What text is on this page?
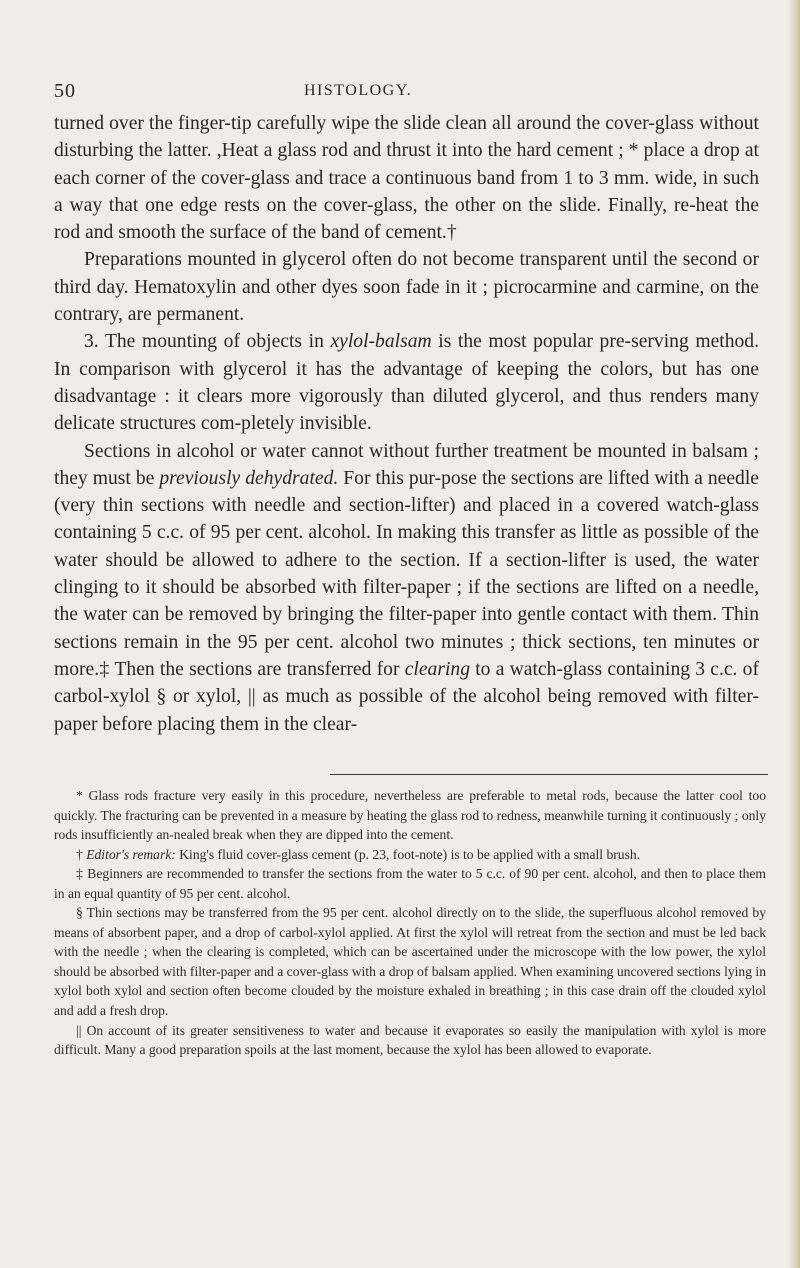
50	HISTOLOGY.

turned over the finger-tip carefully wipe the slide clean all around the cover-glass without disturbing the latter. ,Heat a glass rod and thrust it into the hard cement ; * place a drop at each corner of the cover-glass and trace a continuous band from 1 to 3 mm. wide, in such a way that one edge rests on the cover-glass, the other on the slide. Finally, re-heat the rod and smooth the surface of the band of cement.†

Preparations mounted in glycerol often do not become transparent until the second or third day. Hematoxylin and other dyes soon fade in it ; picrocarmine and carmine, on the contrary, are permanent.

3. The mounting of objects in xylol-balsam is the most popular pre-serving method. In comparison with glycerol it has the advantage of keeping the colors, but has one disadvantage : it clears more vigorously than diluted glycerol, and thus renders many delicate structures com-pletely invisible.

Sections in alcohol or water cannot without further treatment be mounted in balsam ; they must be previously dehydrated. For this pur-pose the sections are lifted with a needle (very thin sections with needle and section-lifter) and placed in a covered watch-glass containing 5 c.c. of 95 per cent. alcohol. In making this transfer as little as possible of the water should be allowed to adhere to the section. If a section-lifter is used, the water clinging to it should be absorbed with filter-paper ; if the sections are lifted on a needle, the water can be removed by bringing the filter-paper into gentle contact with them. Thin sections remain in the 95 per cent. alcohol two minutes ; thick sections, ten minutes or more.‡ Then the sections are transferred for clearing to a watch-glass containing 3 c.c. of carbol-xylol § or xylol, || as much as possible of the alcohol being removed with filter-paper before placing them in the clear-

* Glass rods fracture very easily in this procedure, nevertheless are preferable to metal rods, because the latter cool too quickly. The fracturing can be prevented in a measure by heating the glass rod to redness, meanwhile turning it continuously ; only rods insufficiently an-nealed break when they are dipped into the cement.

† Editor's remark: King's fluid cover-glass cement (p. 23, foot-note) is to be applied with a small brush.

‡ Beginners are recommended to transfer the sections from the water to 5 c.c. of 90 per cent. alcohol, and then to place them in an equal quantity of 95 per cent. alcohol.

§ Thin sections may be transferred from the 95 per cent. alcohol directly on to the slide, the superfluous alcohol removed by means of absorbent paper, and a drop of carbol-xylol applied. At first the xylol will retreat from the section and must be led back with the needle ; when the clearing is completed, which can be ascertained under the microscope with the low power, the xylol should be absorbed with filter-paper and a cover-glass with a drop of balsam applied. When examining uncovered sections lying in xylol both xylol and section often become clouded by the moisture exhaled in breathing ; in this case drain off the clouded xylol and add a fresh drop.

|| On account of its greater sensitiveness to water and because it evaporates so easily the manipulation with xylol is more difficult. Many a good preparation spoils at the last moment, because the xylol has been allowed to evaporate.
